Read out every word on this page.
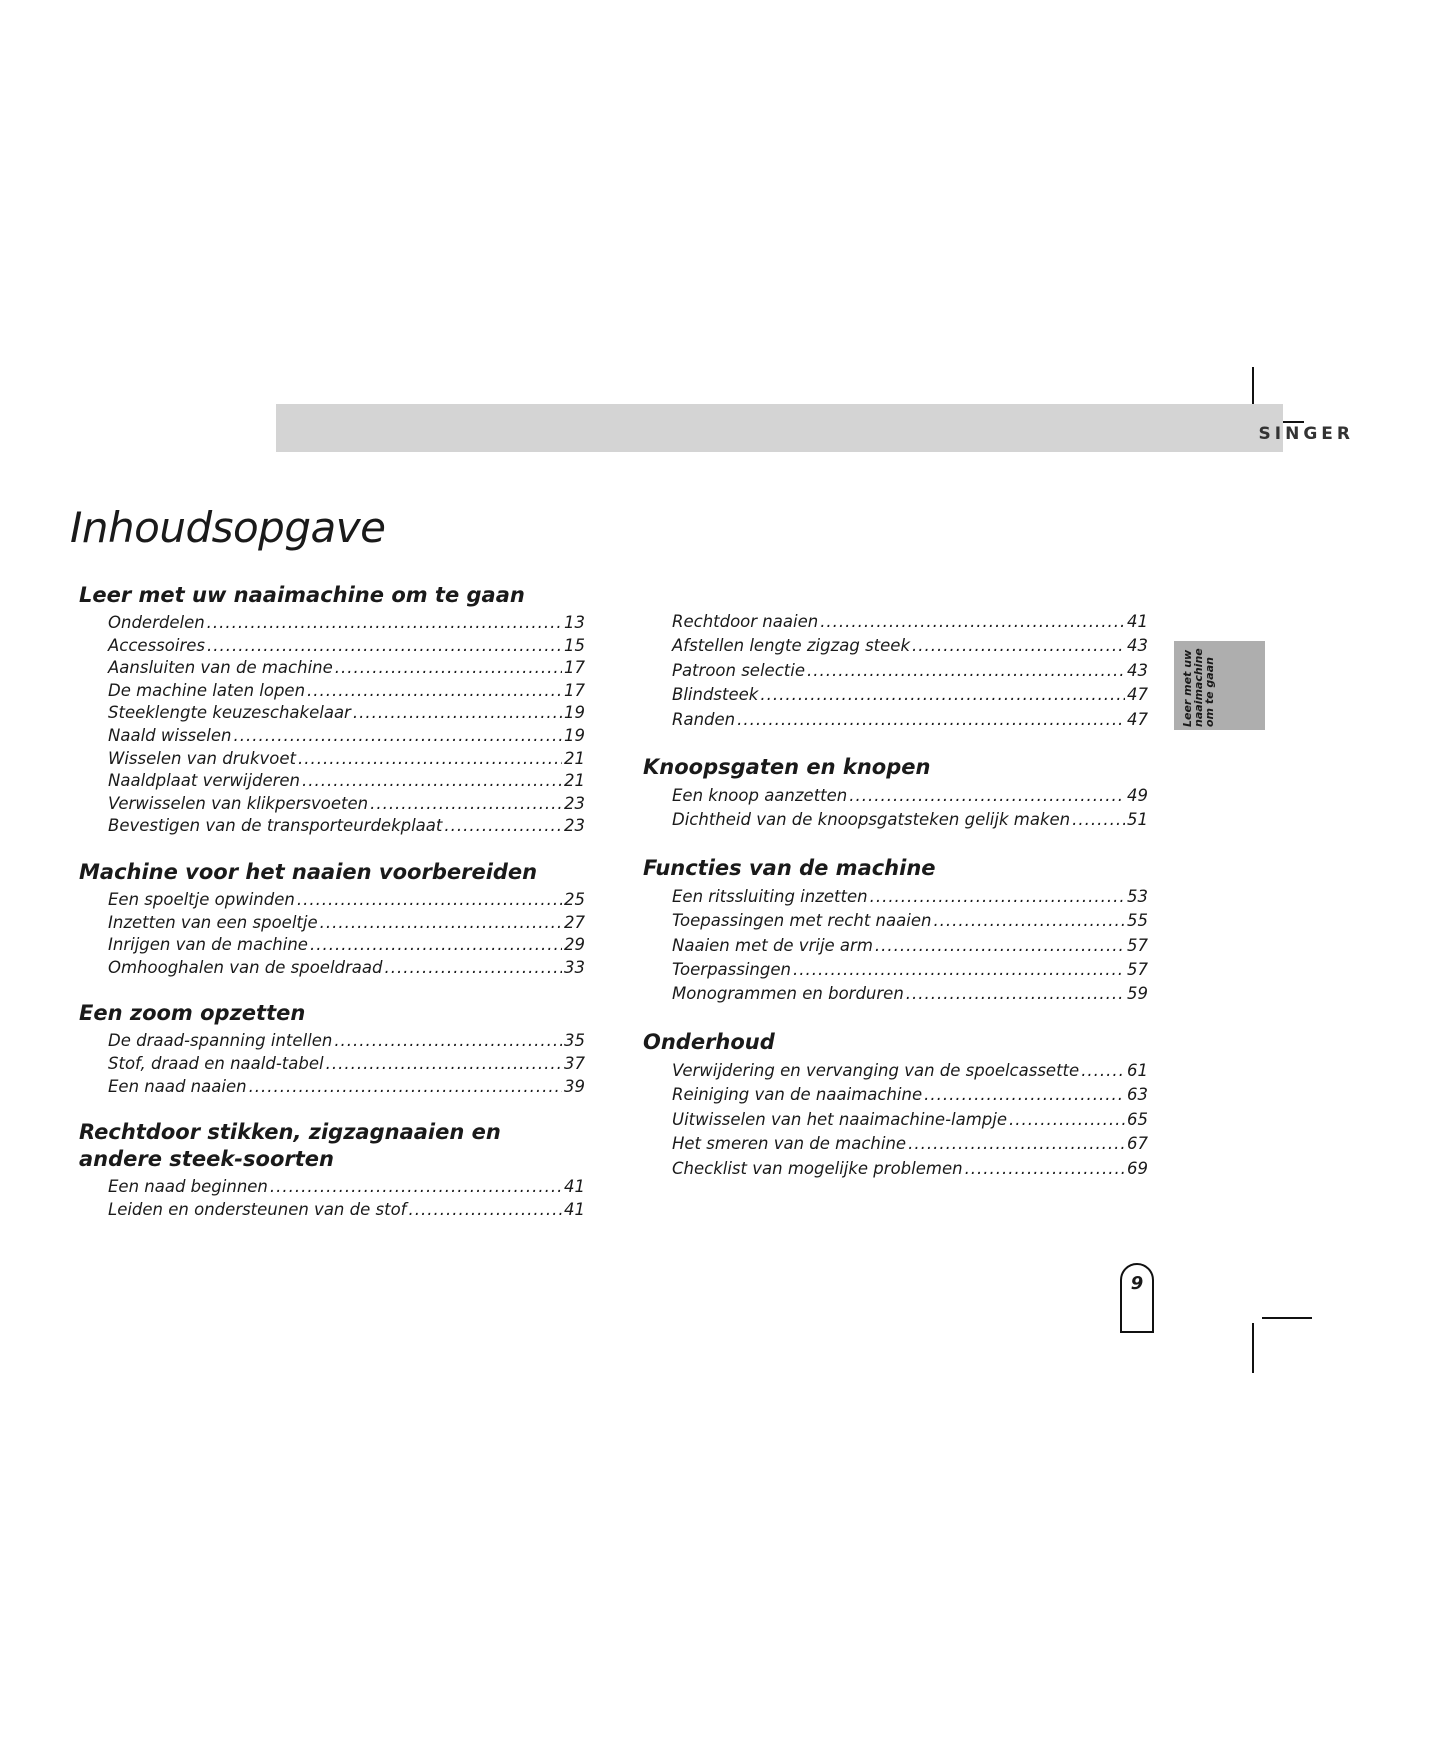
SINGER
Inhoudsopgave
Leer met uw naaimachine om te gaan
Onderdelen .....	13
Accessoires .....	15
Aansluiten van de machine .....	17
De machine laten lopen .....	17
Steeklengte keuzeschakelaar .....	19
Naald wisselen .....	19
Wisselen van drukvoet .....	21
Naaldplaat verwijderen .....	21
Verwisselen van klikpersvoeten .....	23
Bevestigen van de transporteurdekplaat .....	23
Machine voor het naaien voorbereiden
Een spoeltje opwinden .....	25
Inzetten van een spoeltje .....	27
Inrijgen van de machine .....	29
Omhooghalen van de spoeldraad .....	33
Een zoom opzetten
De draad-spanning intellen .....	35
Stof, draad en naald-tabel .....	37
Een naad naaien .....	39
Rechtdoor stikken, zigzagnaaien en andere steek-soorten
Een naad beginnen .....	41
Leiden en ondersteunen van de stof .....	41
Rechtdoor naaien .....	41
Afstellen lengte zigzag steek .....	43
Patroon selectie .....	43
Blindsteek .....	47
Randen .....	47
Knoopsgaten en knopen
Een knoop aanzetten .....	49
Dichtheid van de knoopsgatsteken gelijk maken .....	51
Functies van de machine
Een ritssluiting inzetten .....	53
Toepassingen met recht naaien .....	55
Naaien met de vrije arm .....	57
Toerpassingen .....	57
Monogrammen en borduren .....	59
Onderhoud
Verwijdering en vervanging van de spoelcassette .....	61
Reiniging van de naaimachine .....	63
Uitwisselen van het naaimachine-lampje .....	65
Het smeren van de machine .....	67
Checklist van mogelijke problemen .....	69
Leer met uw
naaimachine
om te gaan
9
